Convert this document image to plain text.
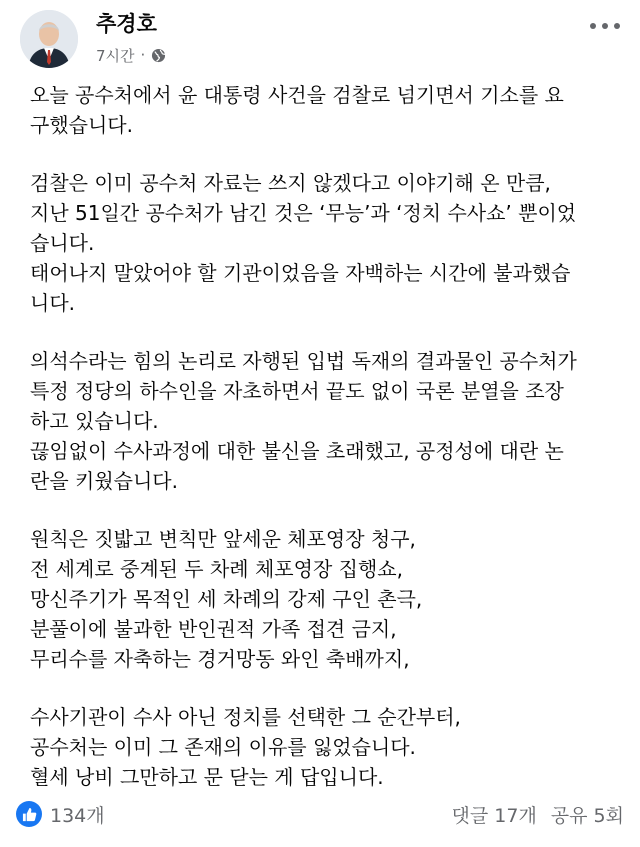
추경호
7시간 ·
오늘 공수처에서 윤 대통령 사건을 검찰로 넘기면서 기소를 요
구했습니다.
검찰은 이미 공수처 자료는 쓰지 않겠다고 이야기해 온 만큼,
지난 51일간 공수처가 남긴 것은 ‘무능’과 ‘정치 수사쇼’ 뿐이었
습니다.
태어나지 말았어야 할 기관이었음을 자백하는 시간에 불과했습
니다.
의석수라는 힘의 논리로 자행된 입법 독재의 결과물인 공수처가
특정 정당의 하수인을 자초하면서 끝도 없이 국론 분열을 조장
하고 있습니다.
끊임없이 수사과정에 대한 불신을 초래했고, 공정성에 대란 논
란을 키웠습니다.
원칙은 짓밟고 변칙만 앞세운 체포영장 청구,
전 세계로 중계된 두 차례 체포영장 집행쇼,
망신주기가 목적인 세 차례의 강제 구인 촌극,
분풀이에 불과한 반인권적 가족 접견 금지,
무리수를 자축하는 경거망동 와인 축배까지,
수사기관이 수사 아닌 정치를 선택한 그 순간부터,
공수처는 이미 그 존재의 이유를 잃었습니다.
혈세 낭비 그만하고 문 닫는 게 답입니다.
134개	댓글 17개 공유 5회
